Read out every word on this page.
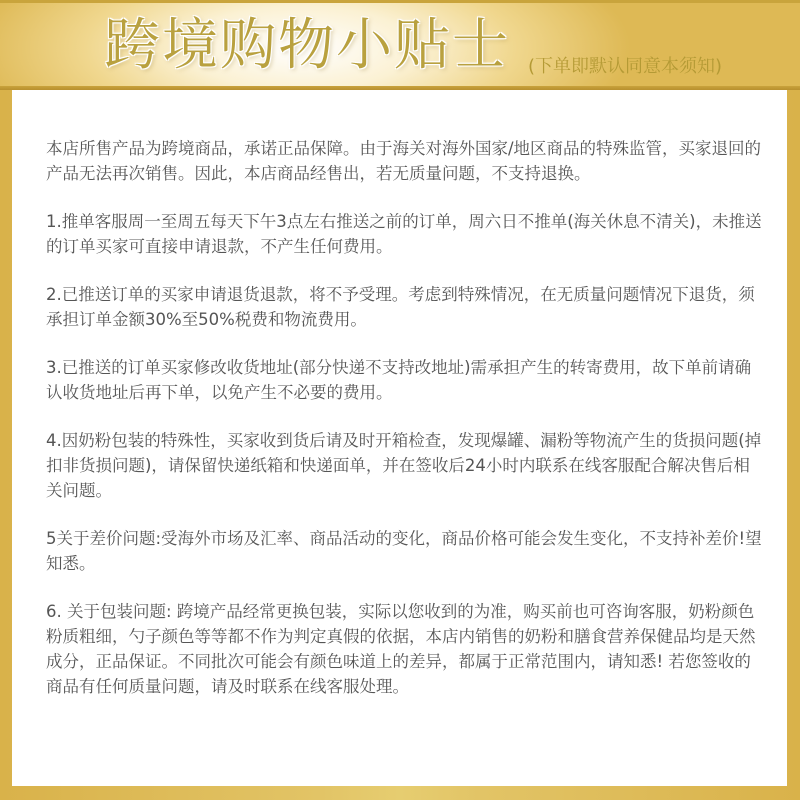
跨境购物小贴士 (下单即默认同意本须知)

本店所售产品为跨境商品，承诺正品保障。由于海关对海外国家/地区商品的特殊监管，买家退回的产品无法再次销售。因此，本店商品经售出，若无质量问题，不支持退换。

1.推单客服周一至周五每天下午3点左右推送之前的订单，周六日不推单(海关休息不清关)，未推送的订单买家可直接申请退款，不产生任何费用。

2.已推送订单的买家申请退货退款，将不予受理。考虑到特殊情况，在无质量问题情况下退货，须承担订单金额30%至50%税费和物流费用。

3.已推送的订单买家修改收货地址(部分快递不支持改地址)需承担产生的转寄费用，故下单前请确认收货地址后再下单，以免产生不必要的费用。

4.因奶粉包装的特殊性，买家收到货后请及时开箱检查，发现爆罐、漏粉等物流产生的货损问题(掉扣非货损问题)，请保留快递纸箱和快递面单，并在签收后24小时内联系在线客服配合解决售后相关问题。

5关于差价问题:受海外市场及汇率、商品活动的变化，商品价格可能会发生变化，不支持补差价!望知悉。

6. 关于包装问题: 跨境产品经常更换包装，实际以您收到的为准，购买前也可咨询客服，奶粉颜色粉质粗细，勺子颜色等等都不作为判定真假的依据，本店内销售的奶粉和膳食营养保健品均是天然成分，正品保证。不同批次可能会有颜色味道上的差异，都属于正常范围内，请知悉! 若您签收的商品有任何质量问题，请及时联系在线客服处理。
